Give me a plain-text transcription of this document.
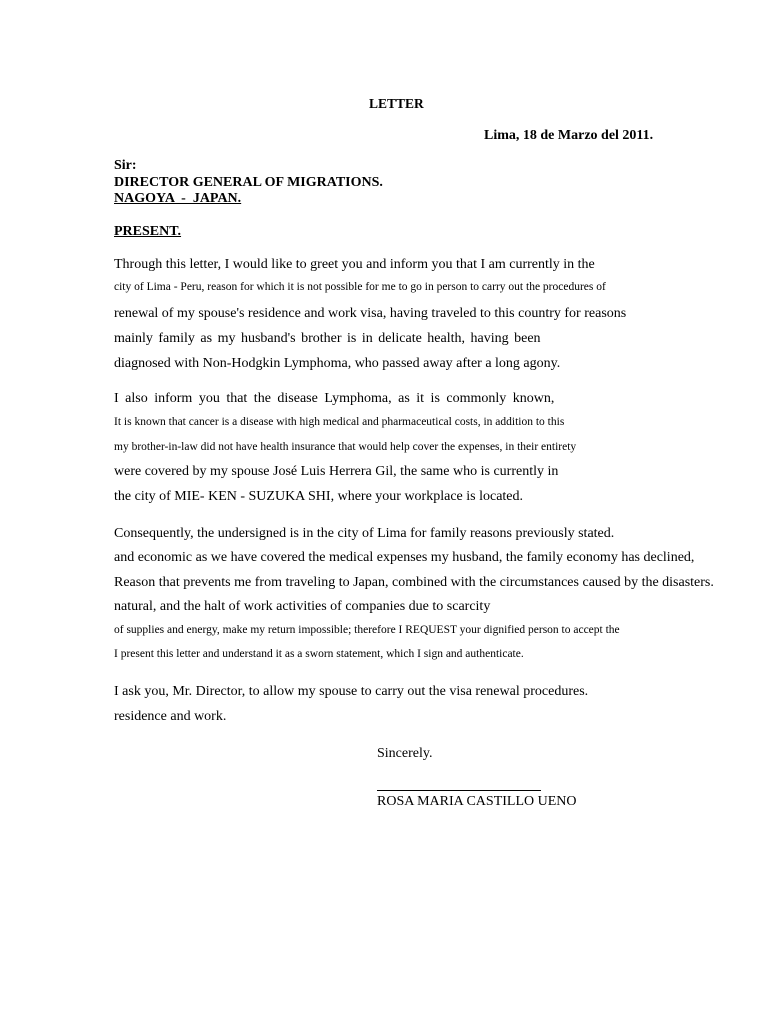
LETTER
Lima, 18 de Marzo del 2011.
Sir:
DIRECTOR GENERAL OF MIGRATIONS.
NAGOYA  -  JAPAN.
PRESENT.
Through this letter, I would like to greet you and inform you that I am currently in the
city of Lima - Peru, reason for which it is not possible for me to go in person to carry out the procedures of
renewal of my spouse's residence and work visa, having traveled to this country for reasons
mainly family as my husband's brother is in delicate health, having been
diagnosed with Non-Hodgkin Lymphoma, who passed away after a long agony.
I also inform you that the disease Lymphoma, as it is commonly known,
It is known that cancer is a disease with high medical and pharmaceutical costs, in addition to this
my brother-in-law did not have health insurance that would help cover the expenses, in their entirety
were covered by my spouse José Luis Herrera Gil, the same who is currently in
the city of MIE- KEN - SUZUKA SHI, where your workplace is located.
Consequently, the undersigned is in the city of Lima for family reasons previously stated.
and economic as we have covered the medical expenses my husband, the family economy has declined,
Reason that prevents me from traveling to Japan, combined with the circumstances caused by the disasters.
natural, and the halt of work activities of companies due to scarcity
of supplies and energy, make my return impossible; therefore I REQUEST your dignified person to accept the
I present this letter and understand it as a sworn statement, which I sign and authenticate.
I ask you, Mr. Director, to allow my spouse to carry out the visa renewal procedures.
residence and work.
Sincerely.
ROSA MARIA CASTILLO UENO
